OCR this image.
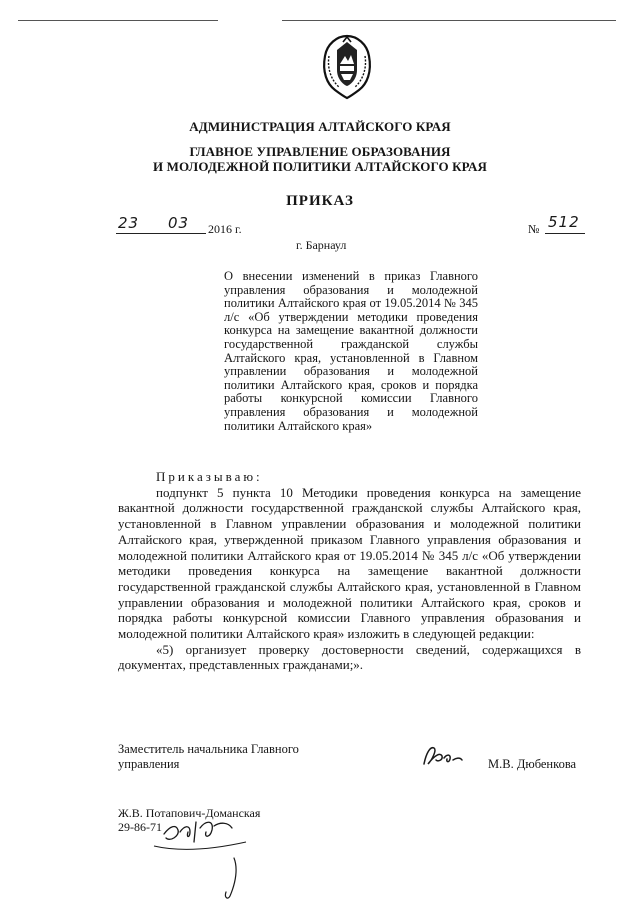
АДМИНИСТРАЦИЯ АЛТАЙСКОГО КРАЯ
ГЛАВНОЕ УПРАВЛЕНИЕ ОБРАЗОВАНИЯ
И МОЛОДЕЖНОЙ ПОЛИТИКИ АЛТАЙСКОГО КРАЯ
ПРИКАЗ
23 03 2016 г.	№ 512
г. Барнаул
О внесении изменений в приказ Главного управления образования и молодежной политики Алтайского края от 19.05.2014 № 345 л/с «Об утверждении методики проведения конкурса на замещение вакантной должности государственной гражданской службы Алтайского края, установленной в Главном управлении образования и молодежной политики Алтайского края, сроков и порядка работы конкурсной комиссии Главного управления образования и молодежной политики Алтайского края»

Приказываю:

подпункт 5 пункта 10 Методики проведения конкурса на замещение вакантной должности государственной гражданской службы Алтайского края, установленной в Главном управлении образования и молодежной политики Алтайского края, утвержденной приказом Главного управления образования и молодежной политики Алтайского края от 19.05.2014 № 345 л/с «Об утверждении методики проведения конкурса на замещение вакантной должности государственной гражданской службы Алтайского края, установленной в Главном управлении образования и молодежной политики Алтайского края, сроков и порядка работы конкурсной комиссии Главного управления образования и молодежной политики Алтайского края» изложить в следующей редакции:

«5) организует проверку достоверности сведений, содержащихся в документах, представленных гражданами;».

Заместитель начальника Главного
управления	М.В. Дюбенкова
Ж.В. Потапович-Доманская
29-86-71
